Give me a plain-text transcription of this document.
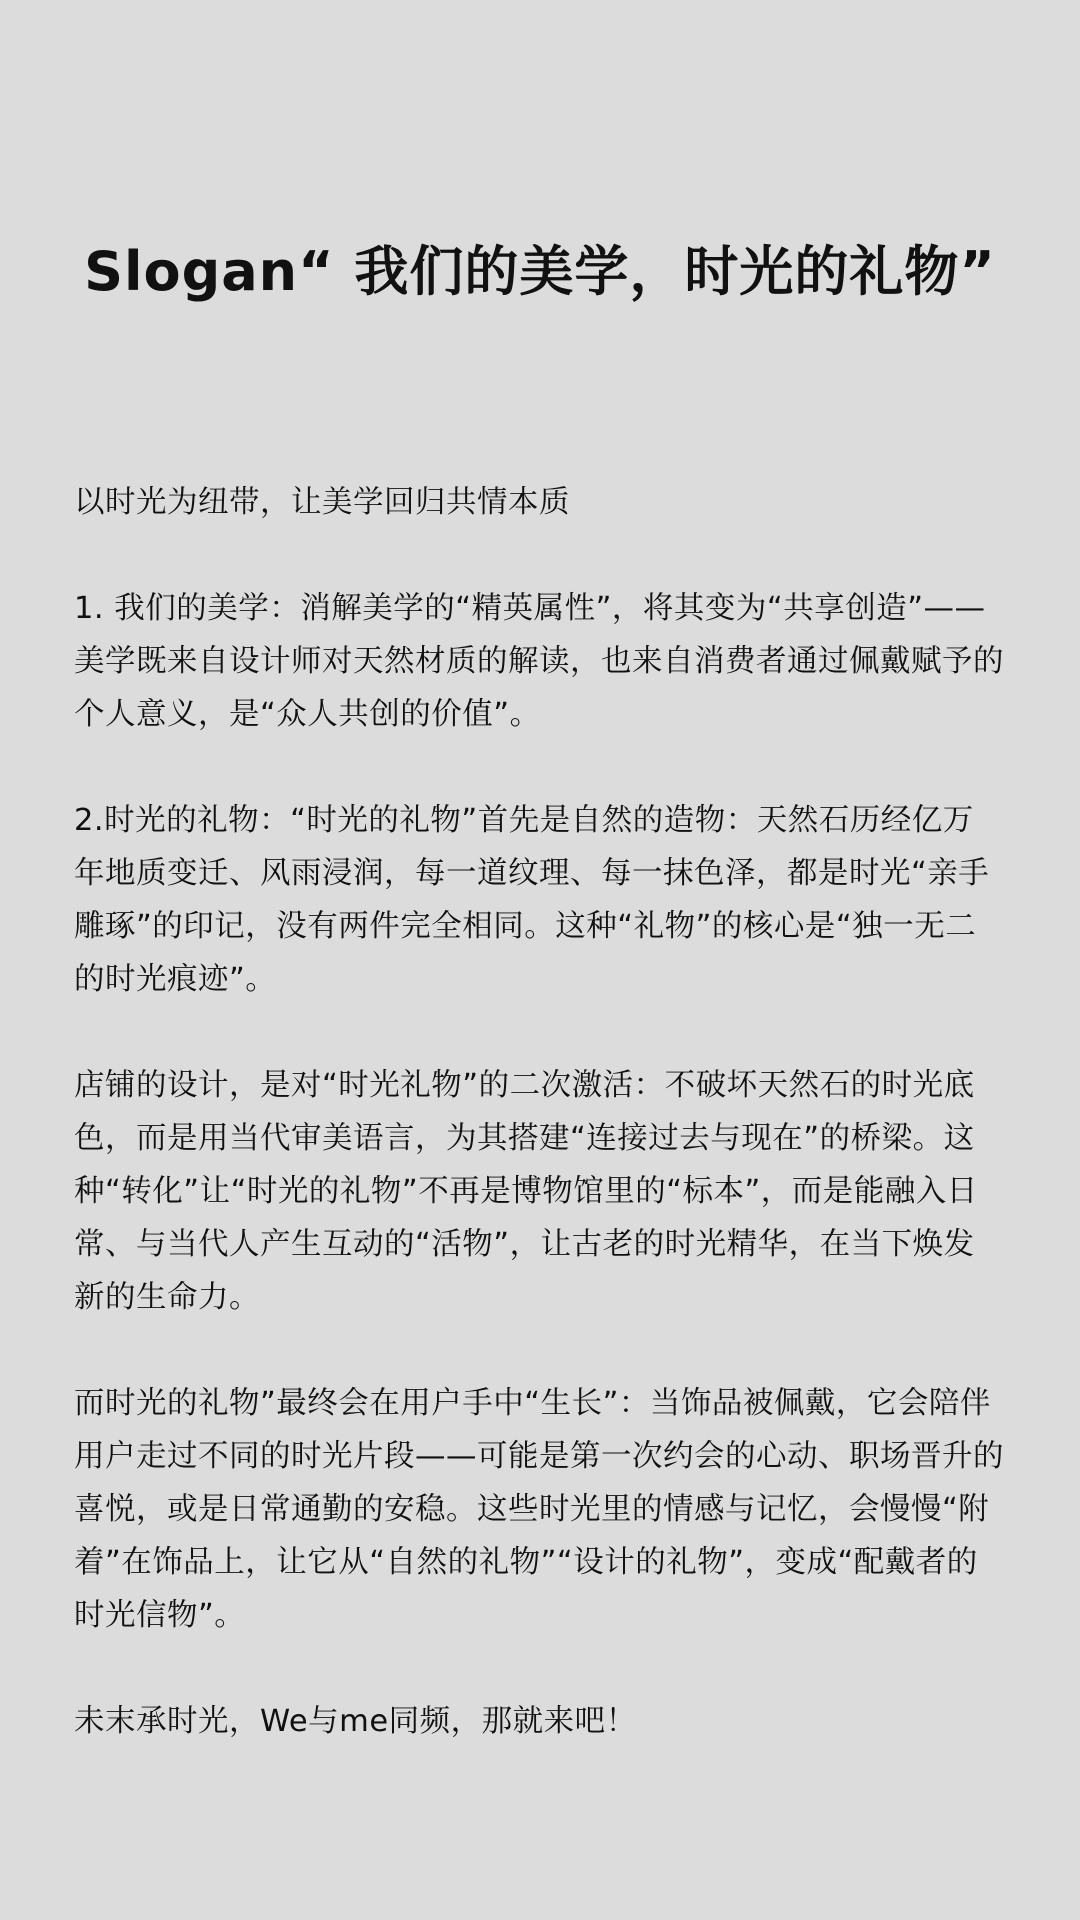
Slogan“ 我们的美学，时光的礼物”

以时光为纽带，让美学回归共情本质

1. 我们的美学：消解美学的“精英属性”，将其变为“共享创造”——美学既来自设计师对天然材质的解读，也来自消费者通过佩戴赋予的个人意义，是“众人共创的价值”。

2.时光的礼物：“时光的礼物”首先是自然的造物：天然石历经亿万年地质变迁、风雨浸润，每一道纹理、每一抹色泽，都是时光“亲手雕琢”的印记，没有两件完全相同。这种“礼物”的核心是“独一无二的时光痕迹”。

店铺的设计，是对“时光礼物”的二次激活：不破坏天然石的时光底色，而是用当代审美语言，为其搭建“连接过去与现在”的桥梁。这种“转化”让“时光的礼物”不再是博物馆里的“标本”，而是能融入日常、与当代人产生互动的“活物”，让古老的时光精华，在当下焕发新的生命力。

而时光的礼物”最终会在用户手中“生长”：当饰品被佩戴，它会陪伴用户走过不同的时光片段——可能是第一次约会的心动、职场晋升的喜悦，或是日常通勤的安稳。这些时光里的情感与记忆，会慢慢“附着”在饰品上，让它从“自然的礼物”“设计的礼物”，变成“配戴者的时光信物”。

未末承时光，We与me同频，那就来吧！
